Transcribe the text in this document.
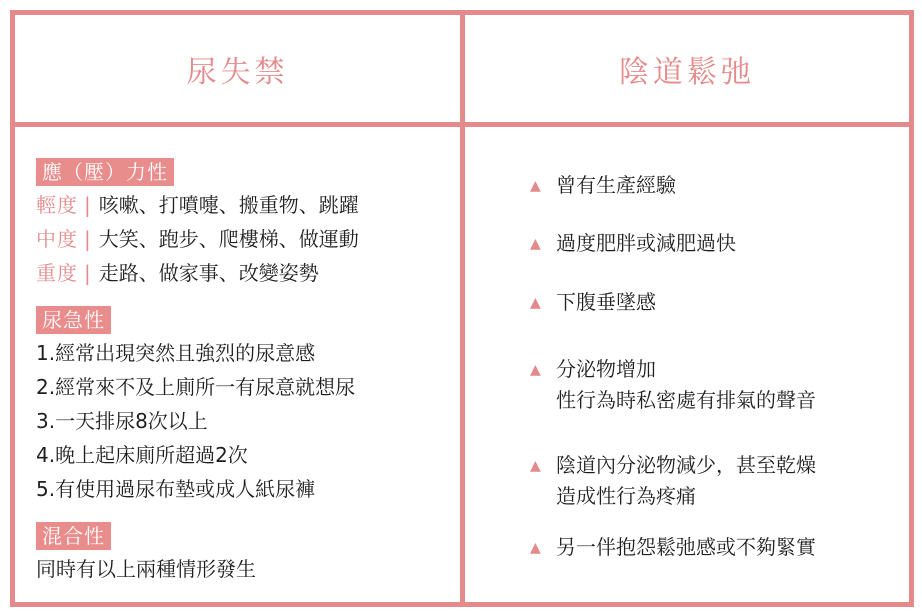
尿失禁	陰道鬆弛
應（壓）力性
輕度 | 咳嗽、打噴嚏、搬重物、跳躍
中度 | 大笑、跑步、爬樓梯、做運動
重度 | 走路、做家事、改變姿勢
尿急性
1.經常出現突然且強烈的尿意感
2.經常來不及上廁所一有尿意就想尿
3.一天排尿8次以上
4.晚上起床廁所超過2次
5.有使用過尿布墊或成人紙尿褲
混合性
同時有以上兩種情形發生
▲ 曾有生產經驗
▲ 過度肥胖或減肥過快
▲ 下腹垂墜感
▲ 分泌物增加
性行為時私密處有排氣的聲音
▲ 陰道內分泌物減少，甚至乾燥
造成性行為疼痛
▲ 另一伴抱怨鬆弛感或不夠緊實
